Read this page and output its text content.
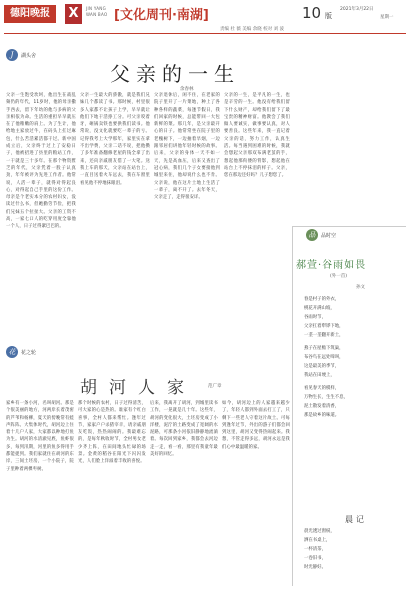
德阳晚报	X	JIN YANG
WAN BAO [文化周刊·南湖]	10 版
2021年3月22日
星期一
责编 杜 薇 美编 余晓 校对 刘 波
J	湖头舍
父亲的一生
余春林
父亲一生饱受坎坷，他出生在战乱频仍的年代，11岁时，他的母亲撒手西去，留下年幼的他与多病的父亲相依为命。生活的重担早早就压在了他稚嫩的肩上。为了生计，他给地主家放过牛，在码头上扛过麻包，什么苦活累活都干过。新中国成立后，父亲终于过上了安稳日子，他被招进了县里的粮站工作，一干就是三十多年。在那个物资匮乏的年代，父亲凭着一股子认真劲，年年被评为先进工作者。他常说，人活一辈子，就得对得起良心，对得起自己手里的这份工作。母亲是个老实本分的农村妇女，没读过什么书，但她勤劳节俭，把我们兄妹五个拉扯大。父亲的工资不高，一家七口人的吃穿用度全靠他一个人，日子过得紧巴巴的。
父亲一生最大的骄傲，就是我们兄妹几个都读了书。那时候，村里很多人家都不让孩子上学，早早就让他们下地干活挣工分。可父亲咬着牙，砸锅卖铁也要供我们读书。他常说，没文化就要吃一辈子的亏。记得我考上大学那年，家里实在拿不出学费，父亲二话不说，把他攒了多年准备翻修老屋的钱全拿了出来，还向亲戚朋友借了一大笔。送我上车的那天，父亲站在站台上，一直目送着火车远去，我在车窗里看见他不停地抹眼泪。
父亲退休后，闲不住，在老家的院子里开了一片菜地，种上了各种各样的蔬菜，每逢节假日，我们回家的时候，总能带回一大包新鲜的菜。那几年，是父亲最开心的日子。他常常坐在院子里的老槐树下，一边抽着旱烟，一边跟邻居们讲他年轻时候的故事。后来，父亲的身体一天不如一天，先是高血压，后来又查出了冠心病，我们几个子女要接他到城里来住，他却说什么也不肯。父亲说，他在这片土地上生活了一辈子，离不开了。去年冬天，父亲走了，走得很安详。
父亲的一生，是平凡的一生，也是辛劳的一生。他没有给我们留下什么财产，却给我们留下了最宝贵的精神财富。他教会了我们做人要诚实，做事要认真，对人要善良。这些年来，我一直记着父亲的话，努力工作，认真生活。每当遇到困难的时候，我就会想起父亲那双布满老茧的手，想起他那佝偻的背影，想起他在站台上不停抹泪的样子。父亲，您在那边还好吗？儿子想您了。
品	品时空
郝萱·谷雨如畏
(外一首)
孙文
春是村子的外衣，
桃花开满山坡，
谷雨时节，
父亲扛着犁铧下地，
一垄一垄翻开新土，
燕子在屋檐下筑巢，
布谷鸟在远处啼叫，
这是最美的季节，
我站在田埂上，
看见春天的模样，
万物生长，生生不息，
泥土散发着清香，
那是故乡的味道。
晨记
晨光透过窗棂，
洒在书桌上，
一杯清茶，
一卷旧书，
时光静好。
花	花之轮
胡河人家	范广章
家乡有一条小河，名叫胡河。那是个很美丽的地方，河两岸长着茂密的芦苇和杨柳，夏天的傍晚常有蛙声阵阵。大集体时代，胡河边上住着十几户人家，大家都以种地打鱼为生。胡河的水清澈见底，鱼虾很多，每到汛期，河里的鱼多得用手都能捉到。我们家就住在胡河的东岸，三间土坯房，一个小院子，院子里种着两棵枣树。
那个时候的农村，日子过得清苦，可大家的心是热的。谁家有个红白喜事，全村人都来帮忙。逢年过节，家家户户杀猪宰羊，请亲戚朋友吃饭，热热闹闹的。我最难忘的，是每年秋收时节，全村男女老少齐上阵，在田间地头忙碌的场景。金黄的稻谷在阳光下闪闪发光，人们脸上洋溢着丰收的喜悦。
后来，我离开了胡河，到城里读书工作，一晃就是几十年。这些年，胡河的变化很大，土坯房变成了小洋楼，泥泞的土路变成了宽阔的水泥路，可那条小河依旧静静地流淌着。每次回到家乡，我都会去河边走一走，看一看，那里有我童年最美好的回忆。
如今，胡河边上的人家越来越少了，年轻人都到外面去打工了，只剩下一些老人守着这片故土。可每到逢年过节，外出的游子们都会回到这里，胡河又变得热闹起来。我想，不管走得多远，胡河永远是我们心中最温暖的家。
